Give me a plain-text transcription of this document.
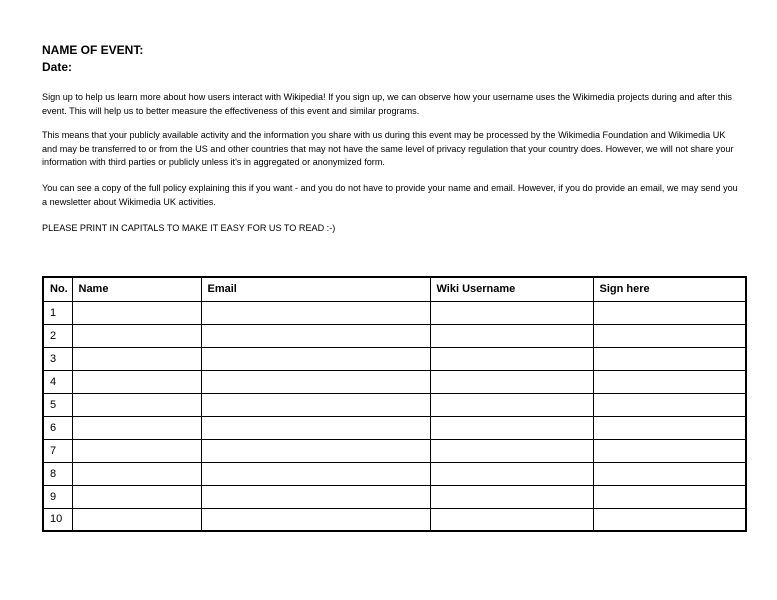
NAME OF EVENT:

Date:

Sign up to help us learn more about how users interact with Wikipedia! If you sign up, we can observe how your username uses the Wikimedia projects during and after this event. This will help us to better measure the effectiveness of this event and similar programs.

This means that your publicly available activity and the information you share with us during this event may be processed by the Wikimedia Foundation and Wikimedia UK and may be transferred to or from the US and other countries that may not have the same level of privacy regulation that your country does. However, we will not share your information with third parties or publicly unless it's in aggregated or anonymized form.

You can see a copy of the full policy explaining this if you want - and you do not have to provide your name and email. However, if you do provide an email, we may send you a newsletter about Wikimedia UK activities.

PLEASE PRINT IN CAPITALS TO MAKE IT EASY FOR US TO READ :-)

No.	Name	Email	Wiki Username	Sign here
1				
2				
3				
4				
5				
6				
7				
8				
9				
10				
